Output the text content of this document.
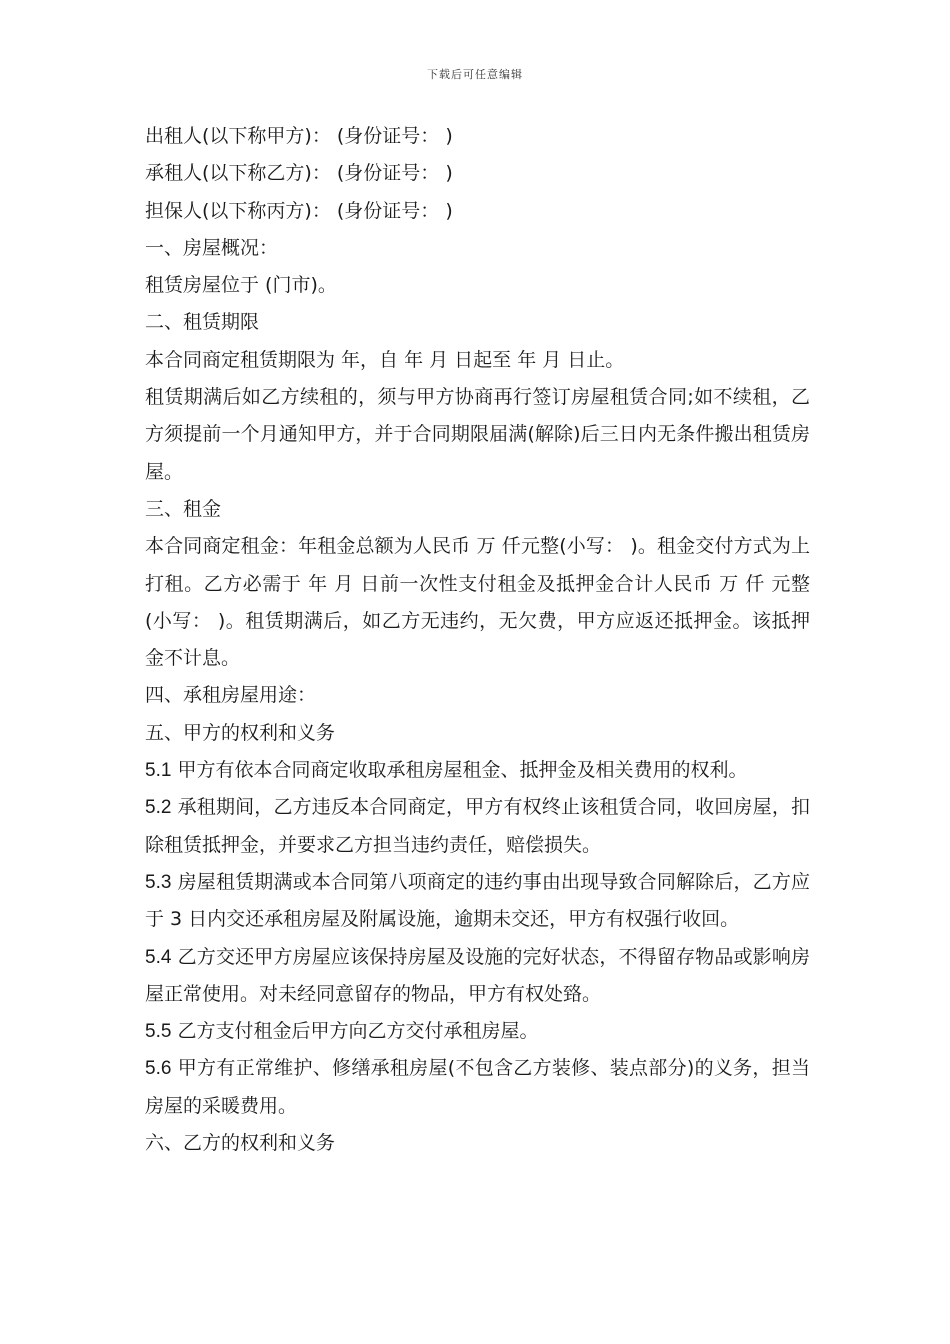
下载后可任意编辑

出租人(以下称甲方)： (身份证号： )

承租人(以下称乙方)： (身份证号： )

担保人(以下称丙方)： (身份证号： )

一、房屋概况：

租赁房屋位于 (门市)。

二、租赁期限

本合同商定租赁期限为 年，自 年 月 日起至 年 月 日止。

租赁期满后如乙方续租的，须与甲方协商再行签订房屋租赁合同;如不续租，乙方须提前一个月通知甲方，并于合同期限届满(解除)后三日内无条件搬出租赁房屋。

三、租金

本合同商定租金：年租金总额为人民币 万 仟元整(小写： )。租金交付方式为上打租。乙方必需于 年 月 日前一次性支付租金及抵押金合计人民币 万 仟 元整(小写： )。租赁期满后，如乙方无违约，无欠费，甲方应返还抵押金。该抵押金不计息。

四、承租房屋用途：

五、甲方的权利和义务

5.1 甲方有依本合同商定收取承租房屋租金、抵押金及相关费用的权利。

5.2 承租期间，乙方违反本合同商定，甲方有权终止该租赁合同，收回房屋，扣除租赁抵押金，并要求乙方担当违约责任，赔偿损失。

5.3 房屋租赁期满或本合同第八项商定的违约事由出现导致合同解除后，乙方应于 3 日内交还承租房屋及附属设施，逾期未交还，甲方有权强行收回。

5.4 乙方交还甲方房屋应该保持房屋及设施的完好状态，不得留存物品或影响房屋正常使用。对未经同意留存的物品，甲方有权处臵。

5.5 乙方支付租金后甲方向乙方交付承租房屋。

5.6 甲方有正常维护、修缮承租房屋(不包含乙方装修、装点部分)的义务，担当房屋的采暖费用。

六、乙方的权利和义务
